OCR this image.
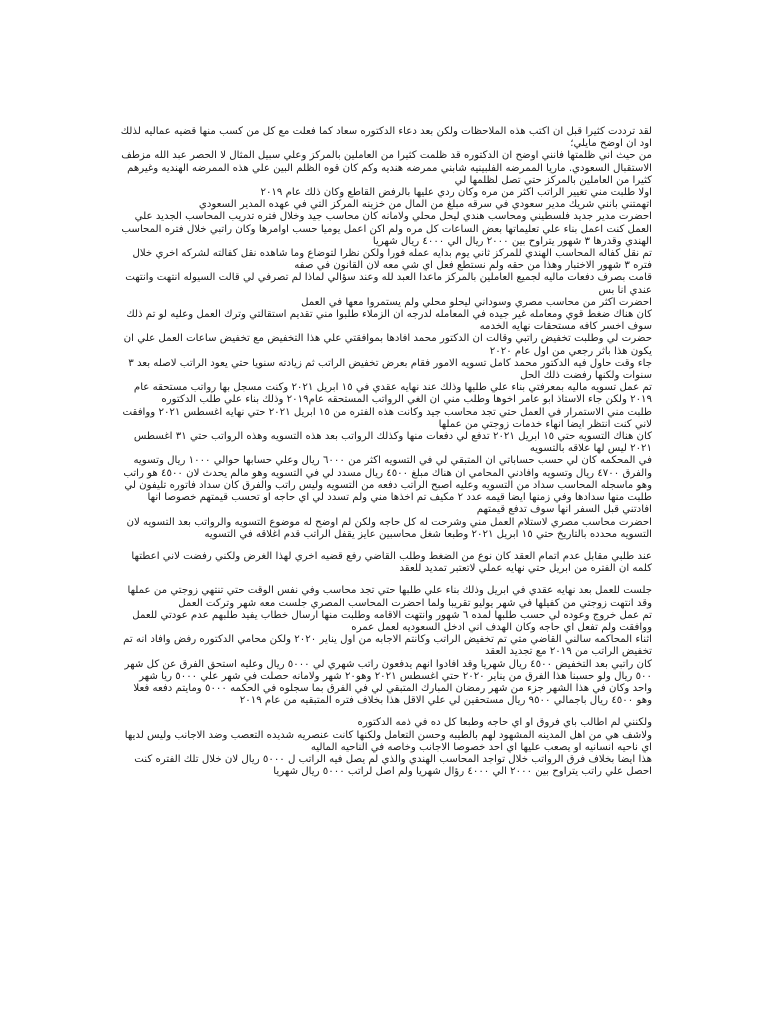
لقد ترددت كثيرا قبل ان اكتب هذه الملاحظات ولكن بعد دعاء الدكتوره سعاد كما فعلت مع كل من كسب منها قضيه عماليه لذلك اود ان اوضح مايلي؛

من حيث اني ظلمتها فانني اوضح ان الدكتوره قد ظلمت كثيرا من العاملين بالمركز وعلي سبيل المثال لا الحصر عبد الله مزطف الاستقبال السعودي. ماريا الممرضه الفلبينيه شابني ممرضه هنديه وكم كان قوه الظلم البين علي هذه الممرضه الهنديه وغيرهم كثيرا من العاملين بالمركز حتي تصل لظلمها لي

اولا طلبت مني تغيير الراتب اكثر من مره وكان ردي عليها بالرفض القاطع وكان ذلك عام ٢٠١٩

اتهمتني بانني شريك مدير سعودي في سرقه مبلغ من المال من خزينه المركز التي في عهده المدير السعودي

احضرت مدير جديد فلسطيني ومحاسب هندي ليحل محلي ولامانه كان محاسب جيد وخلال فتره تدريب المحاسب الجديد علي العمل كنت اعمل بناء علي تعليماتها بعض الساعات كل مره ولم اكن اعمل يوميا حسب اوامرها وكان راتبي خلال فتره المحاسب الهندي وقدرها ٣ شهور يتراوح بين ٢٠٠٠ ريال الي ٤٠٠٠ ريال شهريا

تم نقل كفاله المحاسب الهندي للمركز ثاني يوم بدايه عمله فورا ولكن نظرا لتوضاع وما شاهده نقل كفالته لشركه اخري خلال فتره ٣ شهور الاختبار وهذا من حقه ولم نستطع فعل اي شي معه لان القانون في صفه

قامت بصرف دفعات ماليه لجميع العاملين بالمركز ماعدا العبد لله وعند سؤالي لماذا لم تصرفي لي قالت السيوله انتهت وانتهت عندي انا بس

احضرت اكثر من محاسب مصري وسوداني ليحلو محلي ولم يستمروا معها في العمل

كان هناك ضغط قوي ومعامله غير جيده في المعامله لدرجه ان الزملاء طلبوا مني تقديم استقالتي وترك العمل وعليه لو تم ذلك سوف اخسر كافه مستحقات نهايه الخدمه

حضرت لي وطلبت تخفيض راتبي وقالت ان الدكتور محمد افادها بموافقتي علي هذا التخفيض مع تخفيض ساعات العمل علي ان يكون هذا باثر رجعي من اول عام ٢٠٢٠

جاء وقت حاول فيه الدكتور محمد كامل تسويه الامور فقام بعرض تخفيض الراتب ثم زيادته سنويا حتي يعود الراتب لاصله بعد ٣ سنوات ولكنها رفضت ذلك الحل

تم عمل تسويه ماليه بمعرفتي بناء علي طلبها وذلك عند نهايه عقدي في ١٥ ابريل ٢٠٢١ وكنت مسجل بها رواتب مستحقه عام ٢٠١٩ ولكن جاء الاستاذ ابو عامر اخوها وطلب مني ان الغي الرواتب المستحقه عام٢٠١٩ وذلك بناء علي طلب الدكتوره

طلبت مني الاستمرار في العمل حتي تجد محاسب جيد وكانت هذه الفتره من ١٥ ابريل ٢٠٢١ حتي نهايه اغسطس ٢٠٢١ ووافقت لاني كنت انتظر ايضا انهاء خدمات زوجتي من عملها

كان هناك التسويه حتي ١٥ ابريل ٢٠٢١ تدفع لي دفعات منها وكذلك الرواتب بعد هذه التسويه وهذه الرواتب حتي ٣١ اغسطس ٢٠٢١ ليس لها علاقه بالتسويه

في المحكمه كان لي حسب حساباتي ان المتبقي لي في التسويه اكثر من ٦٠٠٠ ريال وعلي حسابها حوالي ١٠٠٠ ريال وتسويه والفرق ٤٧٠٠ ريال وتسويه وافادني المحامي ان هناك مبلغ ٤٥٠٠ ريال مسدد لي في التسويه وهو مالم يحدث لان ٤٥٠٠ هو راتب وهو ماسجله المحاسب سداد من التسويه وعليه اصبح الراتب دفعه من التسويه وليس راتب والفرق كان سداد فاتوره تليفون لي طلبت منها سدادها وفي زمنها ايضا قيمه عدد ٢ مكيف تم اخذها مني ولم تسدد لي اي حاجه او تحسب قيمتهم خصوصا انها افادتني قبل السفر انها سوف تدفع قيمتهم

احضرت محاسب مصري لاستلام العمل مني وشرحت له كل حاجه ولكن لم اوضح له موضوع التسويه والرواتب بعد التسويه لان التسويه محدده بالتاريخ حتي ١٥ ابريل ٢٠٢١ وطبعا شغل محاسبين عايز يقفل الراتب قدم اغلاقه في التسويه

عند طلبي مقابل عدم اتمام العقد كان نوع من الضغط وطلب القاضي رفع قضيه اخري لهذا الغرض ولكني رفضت لاني اعطتها كلمه ان الفتره من ابريل حتي نهايه عملي لاتعتبر تمديد للعقد

جلست للعمل بعد نهايه عقدي في ابريل وذلك بناء علي طلبها حتي تجد محاسب وفي نفس الوقت حتي تنتهي زوجتي من عملها وقد انتهت زوجتي من كفيلها في شهر يوليو تقريبا ولما احضرت المحاسب المصري جلست معه شهر وتركت العمل

تم عمل خروج وعوده لي حسب طلبها لمده ٦ شهور وانتهت الاقامه وطلبت منها ارسال خطاب يفيد طلبهم عدم عودتي للعمل ووافقت ولم تفعل اي حاجه وكان الهدف اني ادخل السعوديه لعمل عمره

اثناء المحاكمه سالني القاضي متي تم تخفيض الراتب وكانتم الاجابه من اول يناير ٢٠٢٠ ولكن محامي الدكتوره رفض وافاد انه تم تخفيض الراتب من ٢٠١٩ مع تجديد العقد

كان راتبي بعد التخفيض ٤٥٠٠ ريال شهريا وقد افادوا انهم يدفعون راتب شهري لي ٥٠٠٠ ريال وعليه استحق الفرق عن كل شهر ٥٠٠ ريال ولو حسبنا هذا الفرق من يناير ٢٠٢٠ حتي اغسطس ٢٠٢١ وهو٢٠ شهر ولامانه حصلت في شهر علي ٥٠٠٠ ريا شهر واحد وكان في هذا الشهر جزء من شهر رمضان المبارك المتبقي لي في الفرق بما سجلوه في الحكمه ٥٠٠٠ ومايتم دفعه فعلا وهو ٤٥٠٠ ريال باجمالي ٩٥٠٠ ريال مستحقين لي علي الاقل هذا بخلاف فتره المتبقيه من عام ٢٠١٩

ولكنني لم اطالب باي فروق او اي حاجه وطبعا كل ده في ذمه الدكتوره

ولاشف هي من اهل المدينه المشهود لهم بالطيبه وحسن التعامل ولكنها كانت عنصريه شديده التعصب وضد الاجانب وليس لديها اي ناحيه انسانيه او يصعب عليها اي احد خصوصا الاجانب وخاصه في الناحيه الماليه

هذا ايضا بخلاف فرق الرواتب خلال تواجد المحاسب الهندي والذي لم يصل فيه الراتب ل ٥٠٠٠ ريال لان خلال تلك الفتره كنت احصل علي راتب يتراوح بين ٢٠٠٠ الي ٤٠٠٠ رؤال شهريا ولم اصل لراتب ٥٠٠٠ ريال شهريا
